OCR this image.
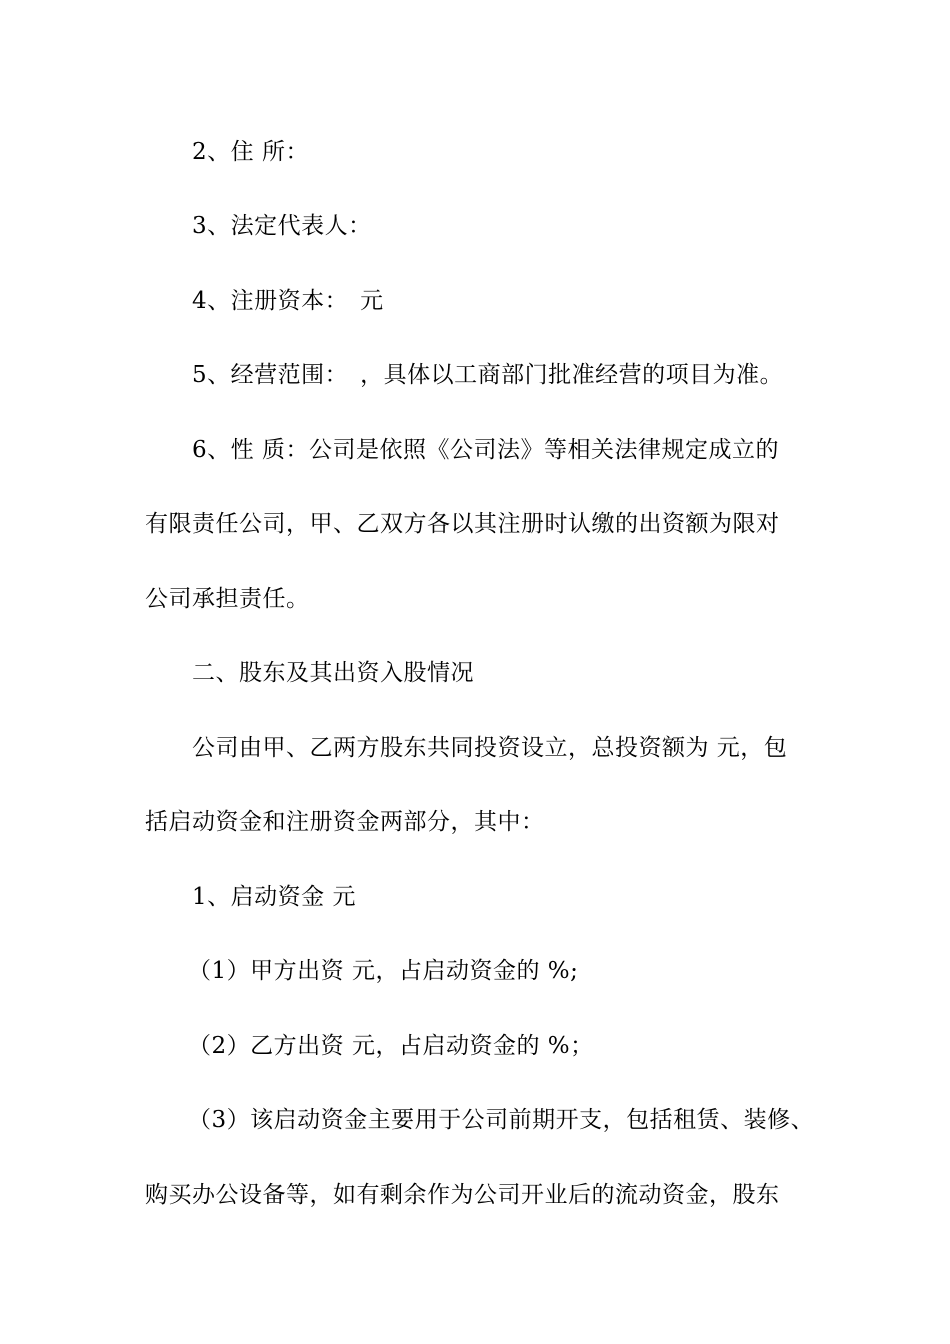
2、住 所：
3、法定代表人：
4、注册资本：　元
5、经营范围：　，具体以工商部门批准经营的项目为准。
6、性 质：公司是依照《公司法》等相关法律规定成立的
有限责任公司，甲、乙双方各以其注册时认缴的出资额为限对
公司承担责任。
二、股东及其出资入股情况
公司由甲、乙两方股东共同投资设立，总投资额为 元，包
括启动资金和注册资金两部分，其中：
1、启动资金 元
（1）甲方出资 元，占启动资金的 %;
（2）乙方出资 元，占启动资金的 %；
（3）该启动资金主要用于公司前期开支，包括租赁、装修、
购买办公设备等，如有剩余作为公司开业后的流动资金，股东
